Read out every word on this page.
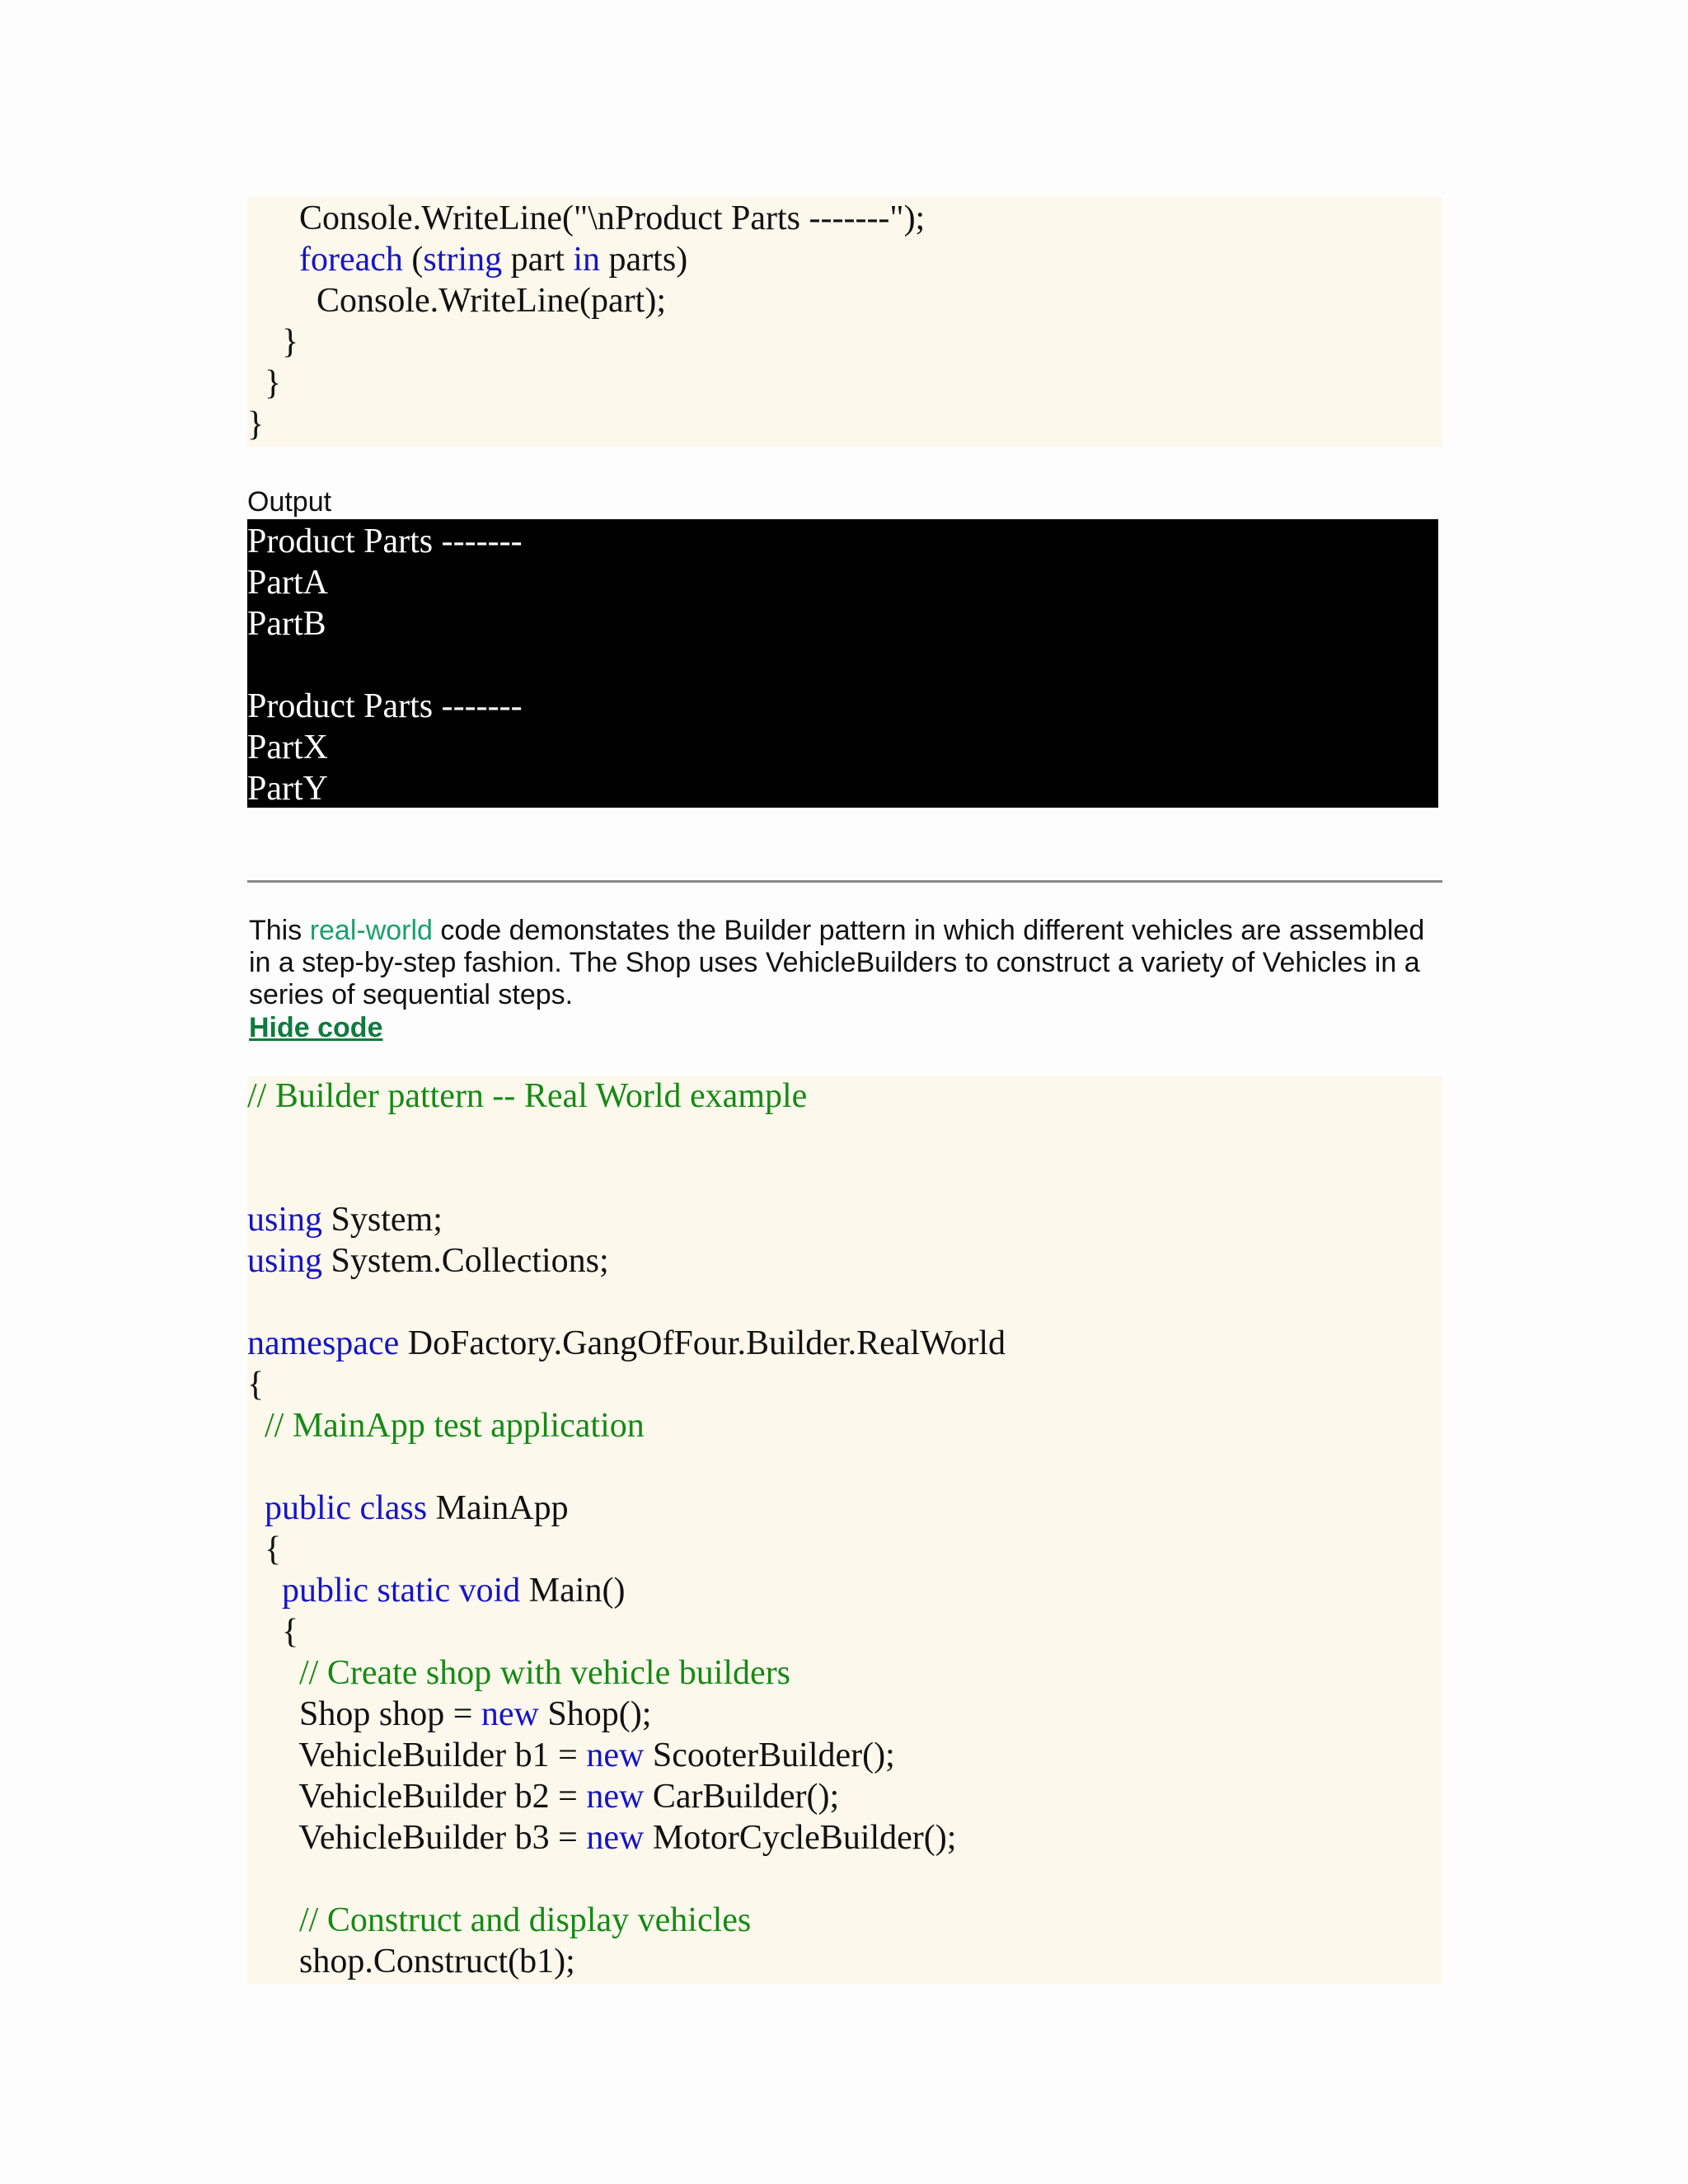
Console.WriteLine("\nProduct Parts -------");
foreach (string part in parts)
Console.WriteLine(part);
}
}
}
Output
Product Parts -------
PartA
PartB
Product Parts -------
PartX
PartY
This real-world code demonstates the Builder pattern in which different vehicles are assembled in a step-by-step fashion. The Shop uses VehicleBuilders to construct a variety of Vehicles in a series of sequential steps.
Hide code
// Builder pattern -- Real World example
using System;
using System.Collections;
namespace DoFactory.GangOfFour.Builder.RealWorld
{
// MainApp test application
public class MainApp
{
public static void Main()
{
// Create shop with vehicle builders
Shop shop = new Shop();
VehicleBuilder b1 = new ScooterBuilder();
VehicleBuilder b2 = new CarBuilder();
VehicleBuilder b3 = new MotorCycleBuilder();
// Construct and display vehicles
shop.Construct(b1);
